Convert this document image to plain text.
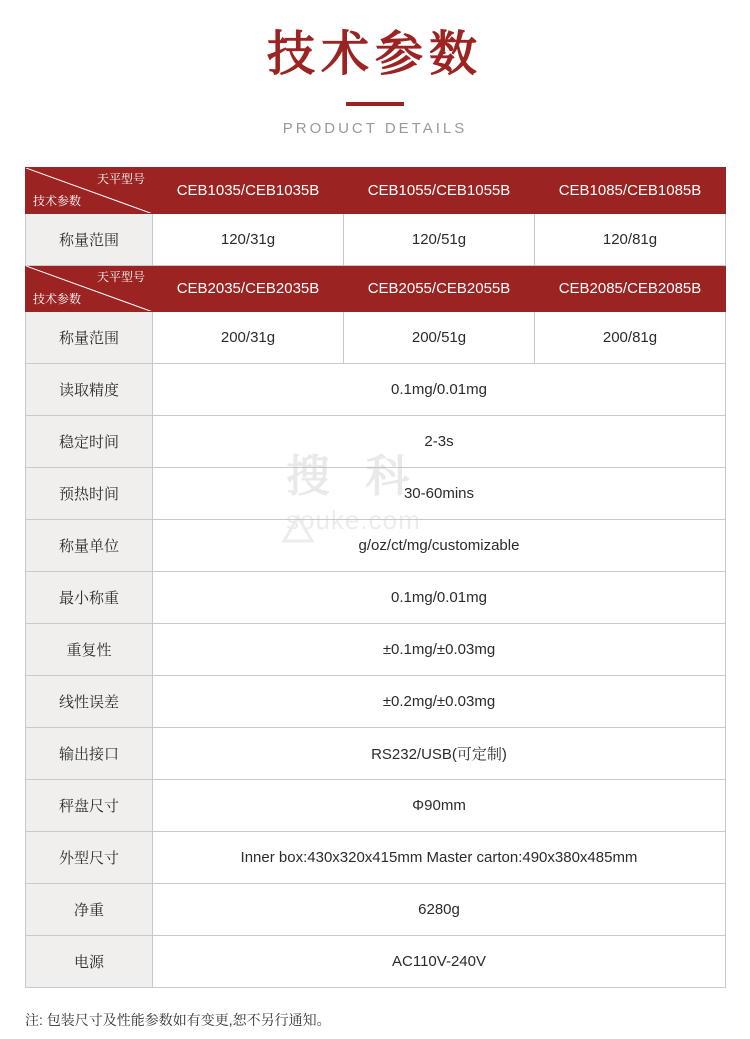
技术参数
PRODUCT DETAILS
天平型号
技术参数	CEB1035/CEB1035B	CEB1055/CEB1055B	CEB1085/CEB1085B
称量范围	120/31g	120/51g	120/81g

天平型号
技术参数	CEB2035/CEB2035B	CEB2055/CEB2055B	CEB2085/CEB2085B
称量范围	200/31g	200/51g	200/81g
读取精度	0.1mg/0.01mg		
稳定时间	2-3s		
预热时间	30-60mins		
称量单位	g/oz/ct/mg/customizable		
最小称重	0.1mg/0.01mg		
重复性	±0.1mg/±0.03mg		
线性误差	±0.2mg/±0.03mg		
输出接口	RS232/USB(可定制)		
秤盘尺寸	Φ90mm		
外型尺寸	Inner box:430x320x415mm Master carton:490x380x485mm		
净重	6280g		
电源	AC110V-240V		
注: 包装尺寸及性能参数如有变更,恕不另行通知。
搜 科
souke.com
